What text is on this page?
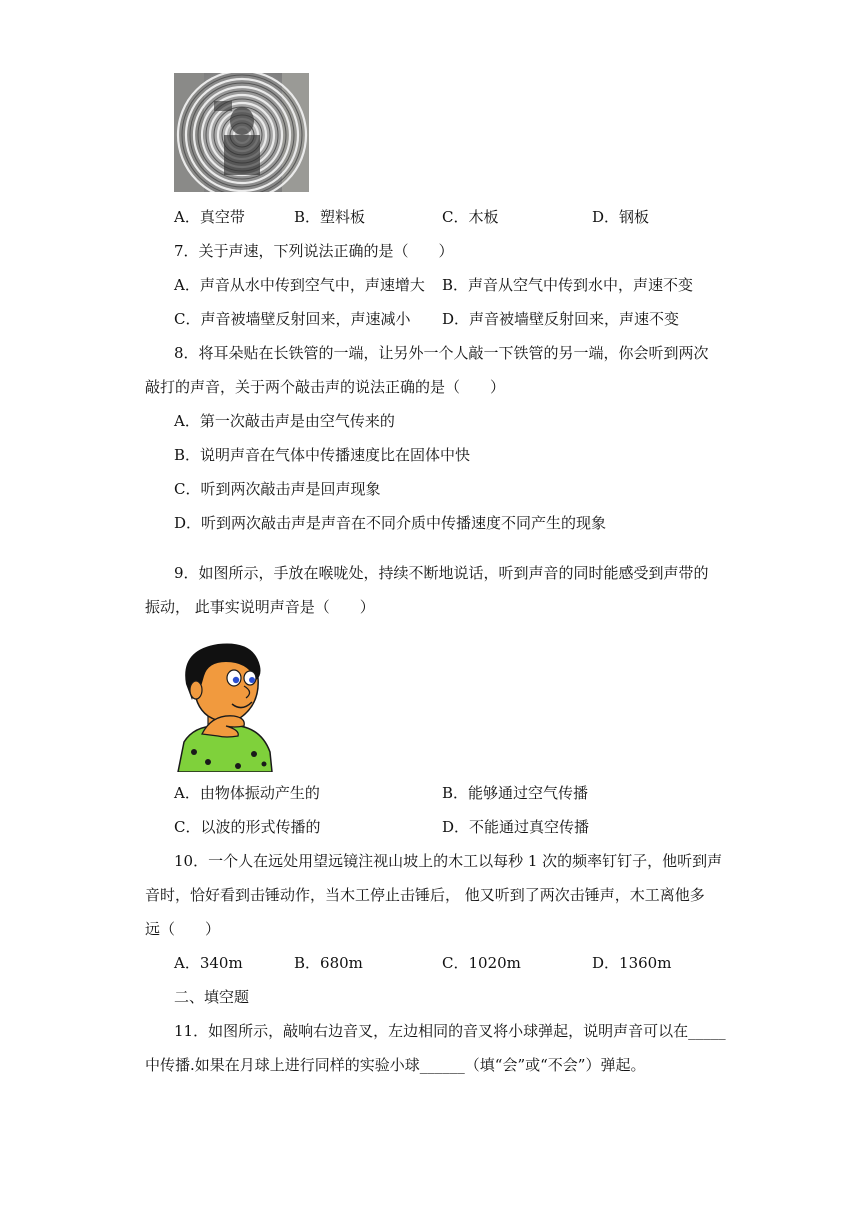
A．真空带	B．塑料板	C．木板	D．钢板
7．关于声速，下列说法正确的是（　　）
A．声音从水中传到空气中，声速增大 B．声音从空气中传到水中，声速不变
C．声音被墙壁反射回来，声速减小 D．声音被墙壁反射回来，声速不变
8．将耳朵贴在长铁管的一端，让另外一个人敲一下铁管的另一端，你会听到两次
敲打的声音，关于两个敲击声的说法正确的是（　　）
A．第一次敲击声是由空气传来的
B．说明声音在气体中传播速度比在固体中快
C．听到两次敲击声是回声现象
D．听到两次敲击声是声音在不同介质中传播速度不同产生的现象
9．如图所示，手放在喉咙处，持续不断地说话，听到声音的同时能感受到声带的
振动， 此事实说明声音是（　　）
A．由物体振动产生的	B．能够通过空气传播
C．以波的形式传播的	D．不能通过真空传播
10．一个人在远处用望远镜注视山坡上的木工以每秒 1 次的频率钉钉子，他听到声
音时，恰好看到击锤动作，当木工停止击锤后， 他又听到了两次击锤声，木工离他多
远（　　）
A．340m	B．680m	C．1020m	D．1360m
二、填空题
11．如图所示，敲响右边音叉，左边相同的音叉将小球弹起，说明声音可以在_____
中传播.如果在月球上进行同样的实验小球______（填“会”或“不会”）弹起。
